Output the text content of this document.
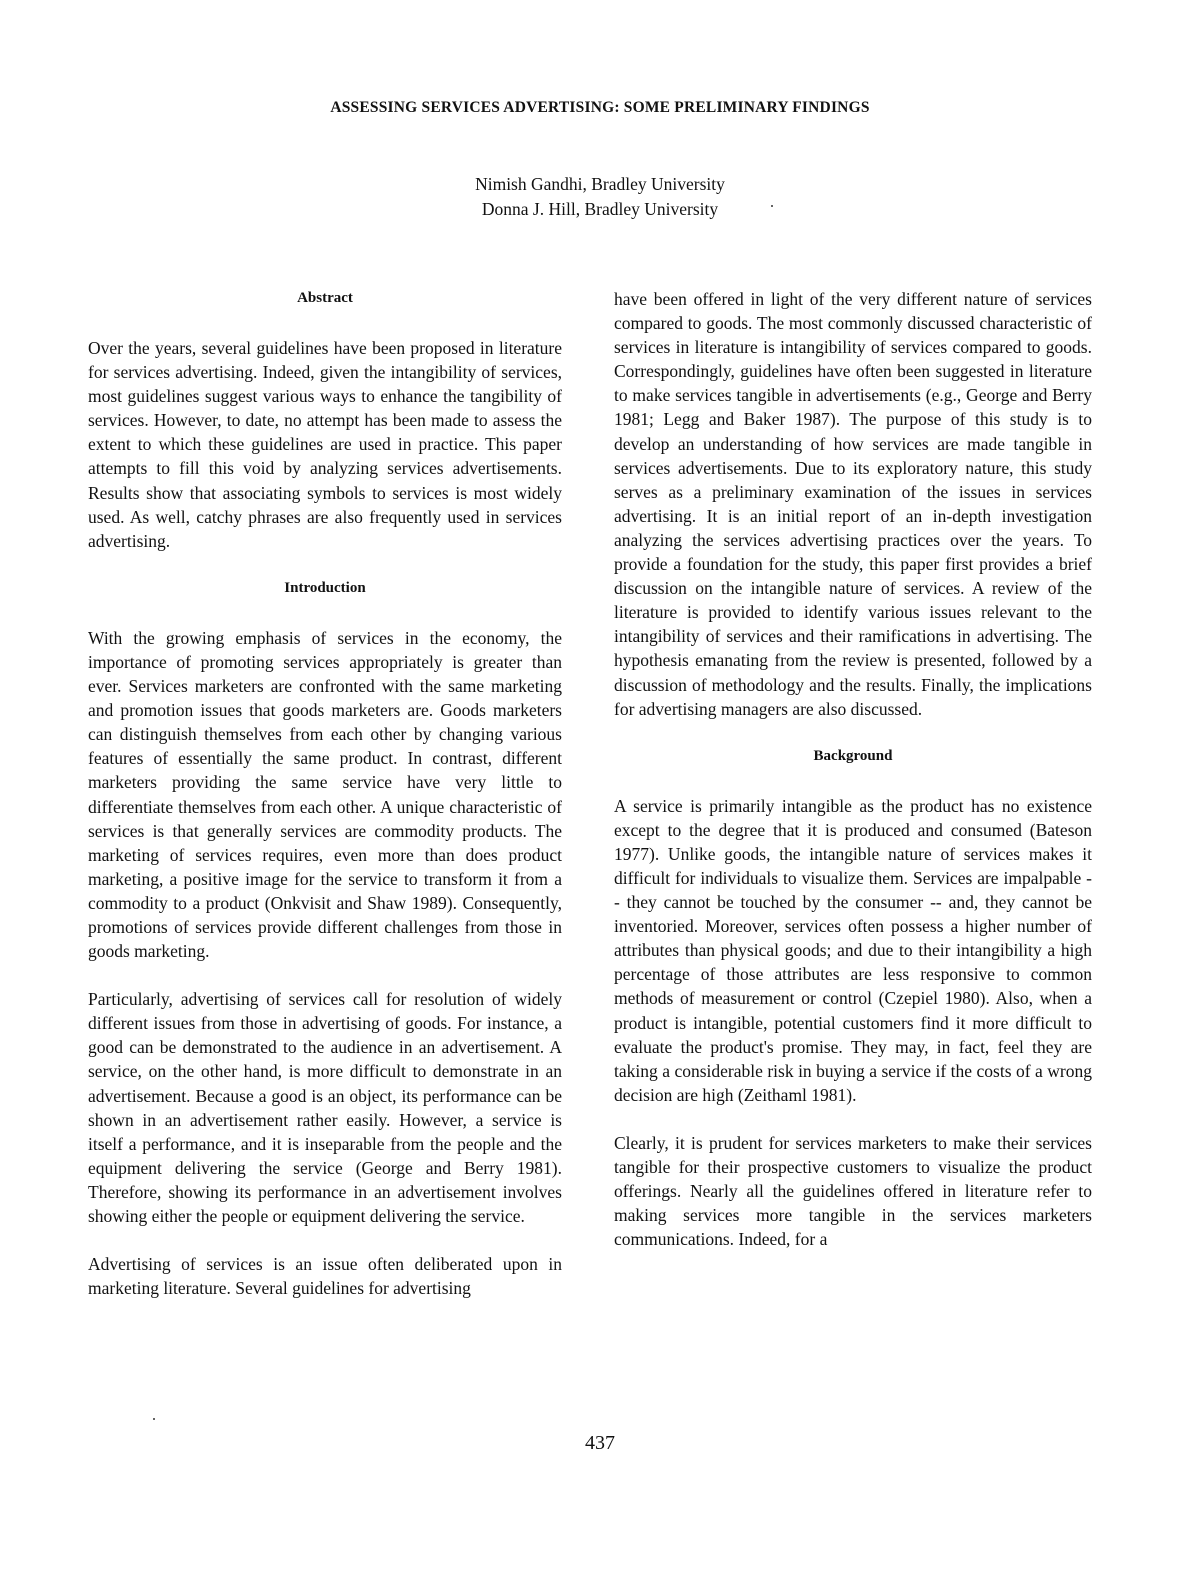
ASSESSING SERVICES ADVERTISING: SOME PRELIMINARY FINDINGS
Nimish Gandhi, Bradley University
Donna J. Hill, Bradley University
Abstract
Over the years, several guidelines have been proposed in literature for services advertising. Indeed, given the intangibility of services, most guidelines suggest various ways to enhance the tangibility of services. However, to date, no attempt has been made to assess the extent to which these guidelines are used in practice. This paper attempts to fill this void by analyzing services advertisements. Results show that associating symbols to services is most widely used. As well, catchy phrases are also frequently used in services advertising.
Introduction
With the growing emphasis of services in the economy, the importance of promoting services appropriately is greater than ever. Services marketers are confronted with the same marketing and promotion issues that goods marketers are. Goods marketers can distinguish themselves from each other by changing various features of essentially the same product. In contrast, different marketers providing the same service have very little to differentiate themselves from each other. A unique characteristic of services is that generally services are commodity products. The marketing of services requires, even more than does product marketing, a positive image for the service to transform it from a commodity to a product (Onkvisit and Shaw 1989). Consequently, promotions of services provide different challenges from those in goods marketing.
Particularly, advertising of services call for resolution of widely different issues from those in advertising of goods. For instance, a good can be demonstrated to the audience in an advertisement. A service, on the other hand, is more difficult to demonstrate in an advertisement. Because a good is an object, its performance can be shown in an advertisement rather easily. However, a service is itself a performance, and it is inseparable from the people and the equipment delivering the service (George and Berry 1981). Therefore, showing its performance in an advertisement involves showing either the people or equipment delivering the service.
Advertising of services is an issue often deliberated upon in marketing literature. Several guidelines for advertising
have been offered in light of the very different nature of services compared to goods. The most commonly discussed characteristic of services in literature is intangibility of services compared to goods. Correspondingly, guidelines have often been suggested in literature to make services tangible in advertisements (e.g., George and Berry 1981; Legg and Baker 1987). The purpose of this study is to develop an understanding of how services are made tangible in services advertisements. Due to its exploratory nature, this study serves as a preliminary examination of the issues in services advertising. It is an initial report of an in-depth investigation analyzing the services advertising practices over the years. To provide a foundation for the study, this paper first provides a brief discussion on the intangible nature of services. A review of the literature is provided to identify various issues relevant to the intangibility of services and their ramifications in advertising. The hypothesis emanating from the review is presented, followed by a discussion of methodology and the results. Finally, the implications for advertising managers are also discussed.
Background
A service is primarily intangible as the product has no existence except to the degree that it is produced and consumed (Bateson 1977). Unlike goods, the intangible nature of services makes it difficult for individuals to visualize them. Services are impalpable -- they cannot be touched by the consumer -- and, they cannot be inventoried. Moreover, services often possess a higher number of attributes than physical goods; and due to their intangibility a high percentage of those attributes are less responsive to common methods of measurement or control (Czepiel 1980). Also, when a product is intangible, potential customers find it more difficult to evaluate the product's promise. They may, in fact, feel they are taking a considerable risk in buying a service if the costs of a wrong decision are high (Zeithaml 1981).
Clearly, it is prudent for services marketers to make their services tangible for their prospective customers to visualize the product offerings. Nearly all the guidelines offered in literature refer to making services more tangible in the services marketers communications. Indeed, for a
437
